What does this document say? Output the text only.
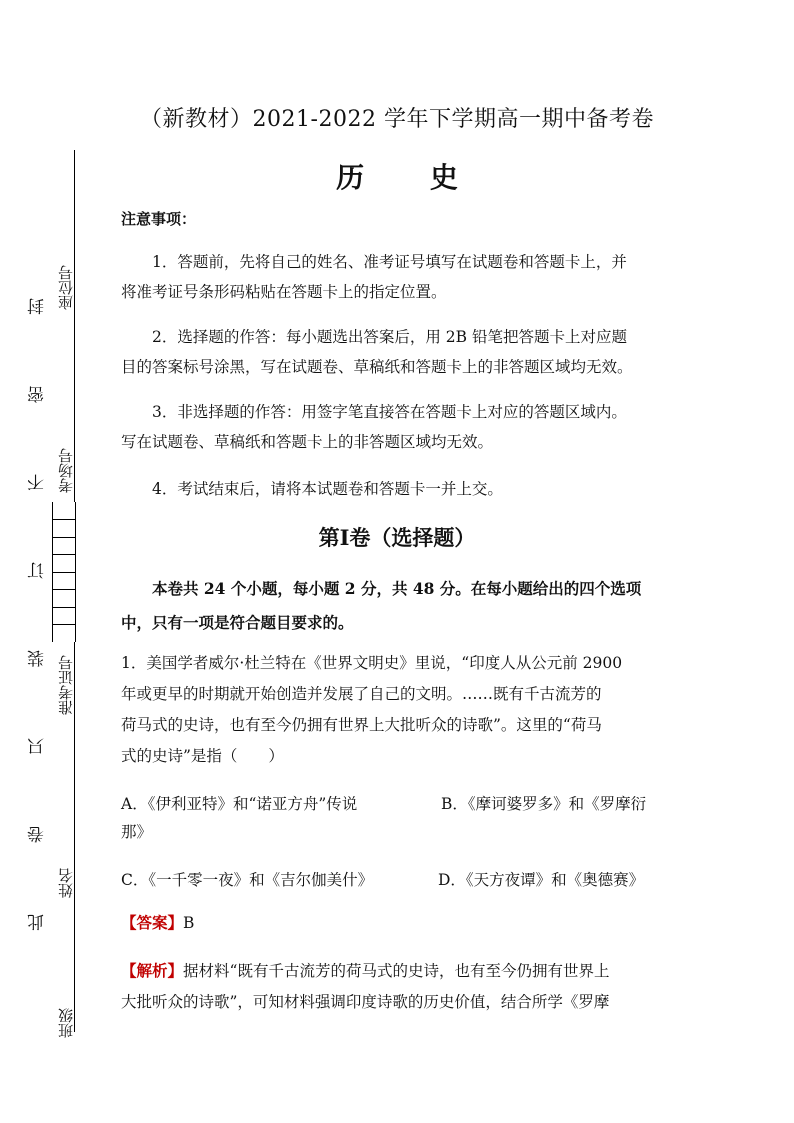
（新教材）2021-2022 学年下学期高一期中备考卷
历 史
注意事项：
1．答题前，先将自己的姓名、准考证号填写在试题卷和答题卡上，并
将准考证号条形码粘贴在答题卡上的指定位置。
2．选择题的作答：每小题选出答案后，用 2B 铅笔把答题卡上对应题
目的答案标号涂黑，写在试题卷、草稿纸和答题卡上的非答题区域均无效。
3．非选择题的作答：用签字笔直接答在答题卡上对应的答题区域内。
写在试题卷、草稿纸和答题卡上的非答题区域均无效。
4．考试结束后，请将本试题卷和答题卡一并上交。
第Ⅰ卷（选择题）
本卷共 24 个小题，每小题 2 分，共 48 分。在每小题给出的四个选项
中，只有一项是符合题目要求的。
1．美国学者威尔·杜兰特在《世界文明史》里说，“印度人从公元前 2900
年或更早的时期就开始创造并发展了自己的文明。……既有千古流芳的
荷马式的史诗，也有至今仍拥有世界上大批听众的诗歌”。这里的“荷马
式的史诗”是指（　　）
A．《伊利亚特》和“诺亚方舟”传说	B．《摩诃婆罗多》和《罗摩衍
那》
C．《一千零一夜》和《吉尔伽美什》	D．《天方夜谭》和《奥德赛》
【答案】B
【解析】据材料“既有千古流芳的荷马式的史诗，也有至今仍拥有世界上
大批听众的诗歌”，可知材料强调印度诗歌的历史价值，结合所学《罗摩
座位号
考场号
准考证号
姓名
班级
封
密
不
订
装
只
卷
此
